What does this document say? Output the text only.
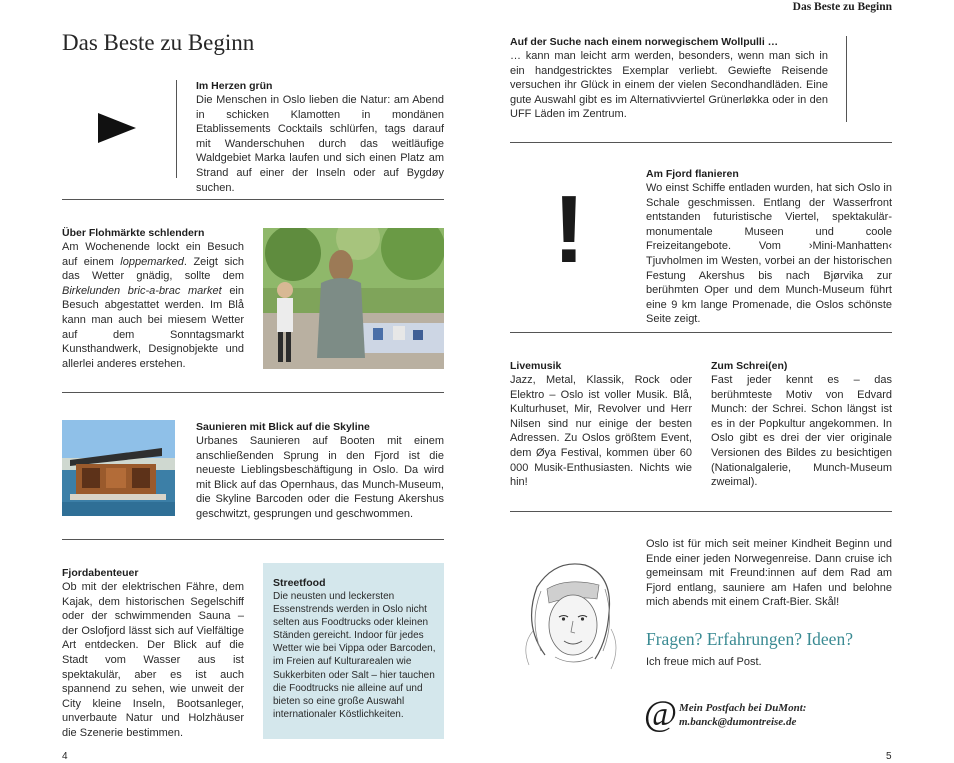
Das Beste zu Beginn
Das Beste zu Beginn
Im Herzen grün
Die Menschen in Oslo lieben die Natur: am Abend in schicken Klamotten in mondänen Etablissements Cocktails schlürfen, tags darauf mit Wanderschuhen durch das weitläufige Waldgebiet Marka laufen und sich einen Platz am Strand auf einer der Inseln oder auf Bygdøy suchen.
Über Flohmärkte schlendern
Am Wochenende lockt ein Besuch auf einem loppemarked. Zeigt sich das Wetter gnädig, sollte dem Birkelunden bric-a-brac market ein Besuch abgestattet werden. Im Blå kann man auch bei miesem Wetter auf dem Sonntagsmarkt Kunsthandwerk, Designobjekte und allerlei anderes erstehen.
Saunieren mit Blick auf die Skyline
Urbanes Saunieren auf Booten mit einem anschließenden Sprung in den Fjord ist die neueste Lieblingsbeschäftigung in Oslo. Da wird mit Blick auf das Opernhaus, das Munch-Museum, die Skyline Barcoden oder die Festung Akershus geschwitzt, gesprungen und geschwommen.
Fjordabenteuer
Ob mit der elektrischen Fähre, dem Kajak, dem historischen Segelschiff oder der schwimmenden Sauna – der Oslofjord lässt sich auf Vielfältige Art entdecken. Der Blick auf die Stadt vom Wasser aus ist spektakulär, aber es ist auch spannend zu sehen, wie unweit der City kleine Inseln, Bootsanleger, unverbaute Natur und Holzhäuser die Szenerie bestimmen.
Streetfood
Die neusten und leckersten Essenstrends werden in Oslo nicht selten aus Foodtrucks oder kleinen Ständen gereicht. Indoor für jedes Wetter wie bei Vippa oder Barcoden, im Freien auf Kulturarealen wie Sukkerbiten oder Salt – hier tauchen die Foodtrucks nie alleine auf und bieten so eine große Auswahl internationaler Köstlichkeiten.
4
Auf der Suche nach einem norwegischem Wollpulli …
… kann man leicht arm werden, besonders, wenn man sich in ein handgestricktes Exemplar verliebt. Gewiefte Reisende versuchen ihr Glück in einem der vielen Secondhandläden. Eine gute Auswahl gibt es im Alternativviertel Grünerløkka oder in den UFF Läden im Zentrum.
!
Am Fjord flanieren
Wo einst Schiffe entladen wurden, hat sich Oslo in Schale geschmissen. Entlang der Wasserfront entstanden futuristische Viertel, spektakulär-monumentale Museen und coole Freizeitangebote. Vom ›Mini-Manhatten‹ Tjuvholmen im Westen, vorbei an der historischen Festung Akershus bis nach Bjørvika zur berühmten Oper und dem Munch-Museum führt eine 9 km lange Promenade, die Oslos schönste Seite zeigt.
Livemusik
Jazz, Metal, Klassik, Rock oder Elektro – Oslo ist voller Musik. Blå, Kulturhuset, Mir, Revolver und Herr Nilsen sind nur einige der besten Adressen. Zu Oslos größtem Event, dem Øya Festival, kommen über 60 000 Musik-Enthusiasten. Nichts wie hin!
Zum Schrei(en)
Fast jeder kennt es – das berühmteste Motiv von Edvard Munch: der Schrei. Schon längst ist es in der Popkultur angekommen. In Oslo gibt es drei der vier originale Versionen des Bildes zu besichtigen (Nationalgalerie, Munch-Museum zweimal).
Oslo ist für mich seit meiner Kindheit Beginn und Ende einer jeden Norwegenreise. Dann cruise ich gemeinsam mit Freund:innen auf dem Rad am Fjord entlang, sauniere am Hafen und belohne mich abends mit einem Craft-Bier. Skål!
Fragen? Erfahrungen? Ideen?
Ich freue mich auf Post.
@ Mein Postfach bei DuMont:
m.banck@dumontreise.de
5
